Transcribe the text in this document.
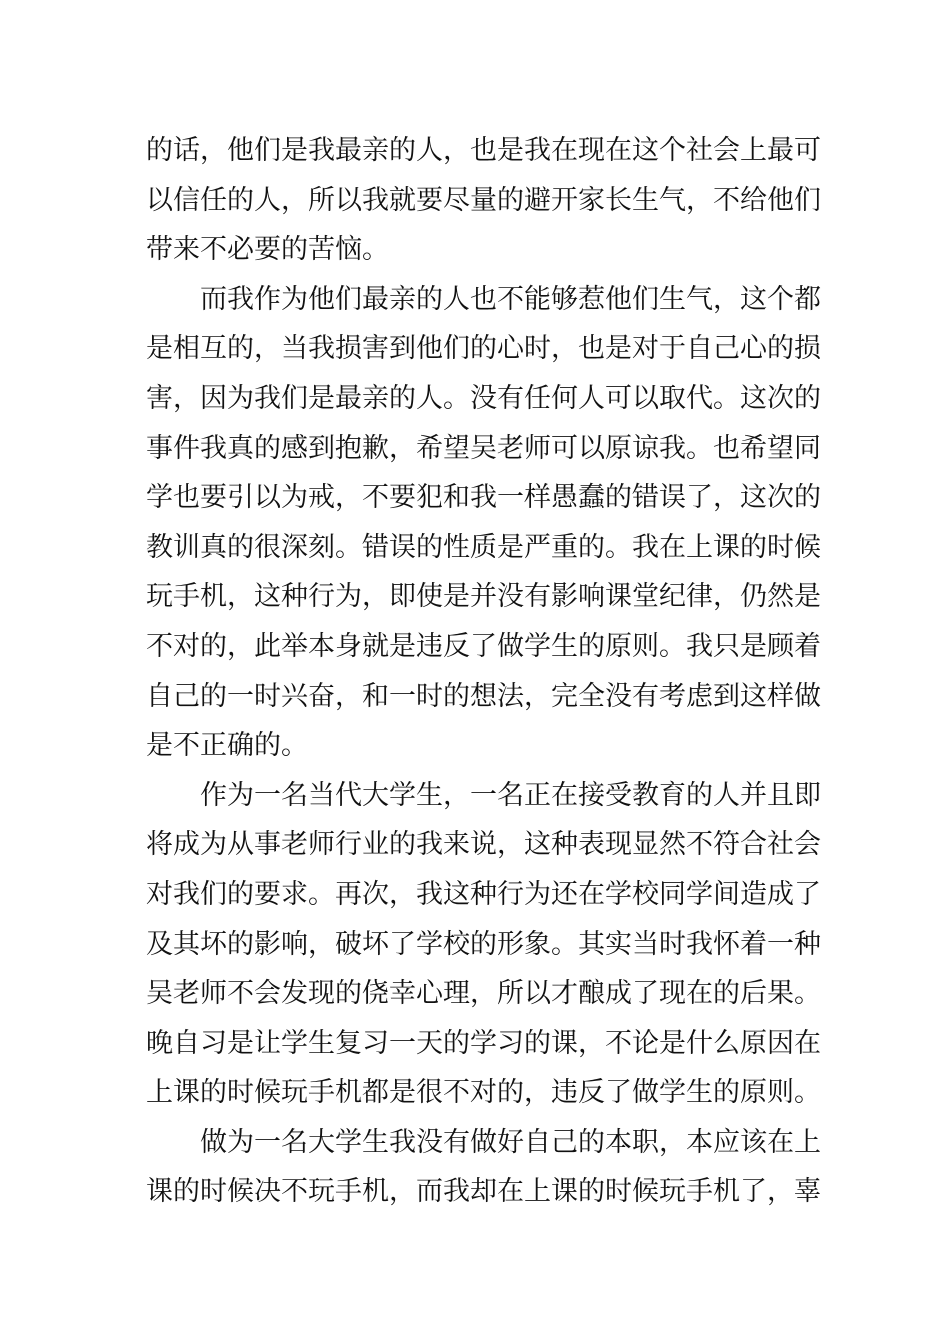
的话，他们是我最亲的人，也是我在现在这个社会上最可
以信任的人，所以我就要尽量的避开家长生气，不给他们
带来不必要的苦恼。
而我作为他们最亲的人也不能够惹他们生气，这个都
是相互的，当我损害到他们的心时，也是对于自己心的损
害，因为我们是最亲的人。没有任何人可以取代。这次的
事件我真的感到抱歉，希望吴老师可以原谅我。也希望同
学也要引以为戒，不要犯和我一样愚蠢的错误了，这次的
教训真的很深刻。错误的性质是严重的。我在上课的时候
玩手机，这种行为，即使是并没有影响课堂纪律，仍然是
不对的，此举本身就是违反了做学生的原则。我只是顾着
自己的一时兴奋，和一时的想法，完全没有考虑到这样做
是不正确的。
作为一名当代大学生，一名正在接受教育的人并且即
将成为从事老师行业的我来说，这种表现显然不符合社会
对我们的要求。再次，我这种行为还在学校同学间造成了
及其坏的影响，破坏了学校的形象。其实当时我怀着一种
吴老师不会发现的侥幸心理，所以才酿成了现在的后果。
晚自习是让学生复习一天的学习的课，不论是什么原因在
上课的时候玩手机都是很不对的，违反了做学生的原则。
做为一名大学生我没有做好自己的本职，本应该在上
课的时候决不玩手机，而我却在上课的时候玩手机了，辜
